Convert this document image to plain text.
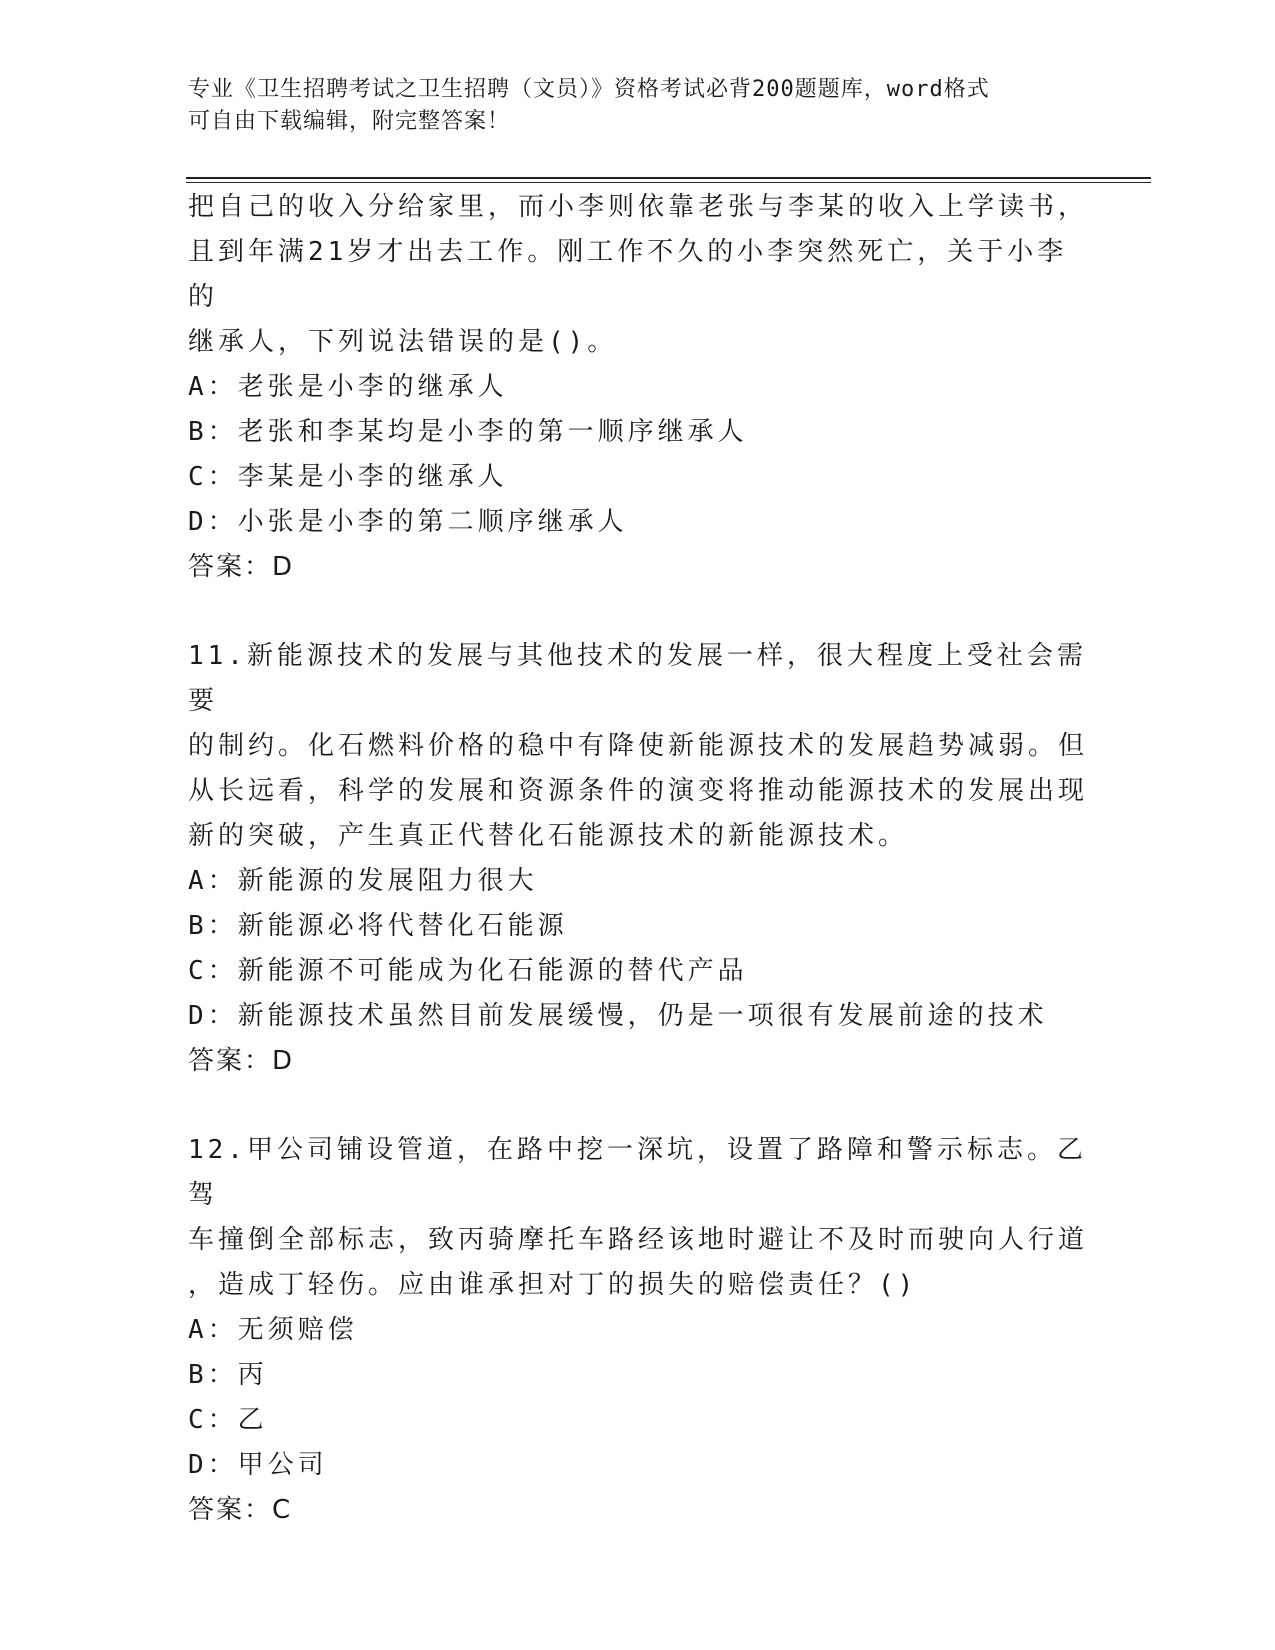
专业《卫生招聘考试之卫生招聘（文员）》资格考试必背200题题库，word格式
可自由下载编辑，附完整答案！

把自己的收入分给家里，而小李则依靠老张与李某的收入上学读书，

且到年满21岁才出去工作。刚工作不久的小李突然死亡，关于小李的

继承人，下列说法错误的是()。

A：老张是小李的继承人

B：老张和李某均是小李的第一顺序继承人

C：李某是小李的继承人

D：小张是小李的第二顺序继承人

答案：D

11.新能源技术的发展与其他技术的发展一样，很大程度上受社会需要

的制约。化石燃料价格的稳中有降使新能源技术的发展趋势减弱。但

从长远看，科学的发展和资源条件的演变将推动能源技术的发展出现

新的突破，产生真正代替化石能源技术的新能源技术。

A：新能源的发展阻力很大

B：新能源必将代替化石能源

C：新能源不可能成为化石能源的替代产品

D：新能源技术虽然目前发展缓慢，仍是一项很有发展前途的技术

答案：D

12.甲公司铺设管道，在路中挖一深坑，设置了路障和警示标志。乙驾

车撞倒全部标志，致丙骑摩托车路经该地时避让不及时而驶向人行道

，造成丁轻伤。应由谁承担对丁的损失的赔偿责任？()

A：无须赔偿

B：丙

C：乙

D：甲公司

答案：C
